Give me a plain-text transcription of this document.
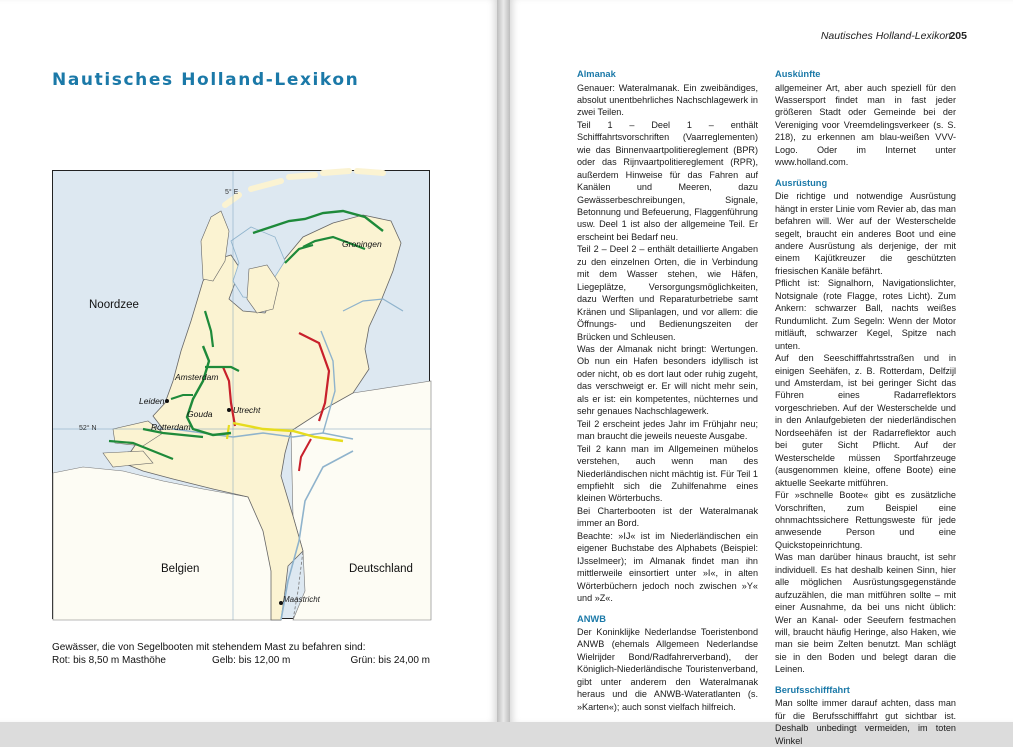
Nautisches Holland-Lexikon
5° E
52° N
Noordzee
Groningen
Amsterdam
Leiden
Gouda Utrecht
Rotterdam
Belgien	Deutschland
Maastricht
Gewässer, die von Segelbooten mit stehendem Mast zu befahren sind:
Rot: bis 8,50 m Masthöhe	Gelb: bis 12,00 m	Grün: bis 24,00 m
Nautisches Holland-Lexikon
205
Almanak
Genauer: Wateralmanak. Ein zweibändiges, absolut unentbehrliches Nachschlagewerk in zwei Teilen.
Teil 1 – Deel 1 – enthält Schifffahrtsvorschriften (Vaarreglementen) wie das Binnenvaartpolitiereglement (BPR) oder das Rijnvaartpolitiereglement (RPR), außerdem Hinweise für das Fahren auf Kanälen und Meeren, dazu Gewässerbeschreibungen, Signale, Betonnung und Befeuerung, Flaggenführung usw. Deel 1 ist also der allgemeine Teil. Er erscheint bei Bedarf neu.
Teil 2 – Deel 2 – enthält detaillierte Angaben zu den einzelnen Orten, die in Verbindung mit dem Wasser stehen, wie Häfen, Liegeplätze, Versorgungsmöglichkeiten, dazu Werften und Reparaturbetriebe samt Kränen und Slipanlagen, und vor allem: die Öffnungs- und Bedienungszeiten der Brücken und Schleusen.
Was der Almanak nicht bringt: Wertungen. Ob nun ein Hafen besonders idyllisch ist oder nicht, ob es dort laut oder ruhig zugeht, das verschweigt er. Er will nicht mehr sein, als er ist: ein kompetentes, nüchternes und sehr genaues Nachschlagewerk.
Teil 2 erscheint jedes Jahr im Frühjahr neu; man braucht die jeweils neueste Ausgabe.
Teil 2 kann man im Allgemeinen mühelos verstehen, auch wenn man des Niederländischen nicht mächtig ist. Für Teil 1 empfiehlt sich die Zuhilfenahme eines kleinen Wörterbuchs.
Bei Charterbooten ist der Wateralmanak immer an Bord.
Beachte: »IJ« ist im Niederländischen ein eigener Buchstabe des Alphabets (Beispiel: IJsselmeer); im Almanak findet man ihn mittlerweile einsortiert unter »I«, in alten Wörterbüchern jedoch noch zwischen »Y« und »Z«.
ANWB
Der Koninklijke Nederlandse Toeristenbond ANWB (ehemals Allgemeen Nederlandse Wielrijder Bond/Radfahrerverband), der Königlich-Niederländische Touristenverband, gibt unter anderem den Wateralmanak heraus und die ANWB-Wateratlanten (s. »Karten«); auch sonst vielfach hilfreich.
Auskünfte
allgemeiner Art, aber auch speziell für den Wassersport findet man in fast jeder größeren Stadt oder Gemeinde bei der Vereniging voor Vreemdelingsverkeer (s. S. 218), zu erkennen am blau-weißen VVV-Logo. Oder im Internet unter www.holland.com.
Ausrüstung
Die richtige und notwendige Ausrüstung hängt in erster Linie vom Revier ab, das man befahren will. Wer auf der Westerschelde segelt, braucht ein anderes Boot und eine andere Ausrüstung als derjenige, der mit einem Kajütkreuzer die geschützten friesischen Kanäle befährt.
Pflicht ist: Signalhorn, Navigationslichter, Notsignale (rote Flagge, rotes Licht). Zum Ankern: schwarzer Ball, nachts weißes Rundumlicht. Zum Segeln: Wenn der Motor mitläuft, schwarzer Kegel, Spitze nach unten.
Auf den Seeschifffahrtsstraßen und in einigen Seehäfen, z. B. Rotterdam, Delfzijl und Amsterdam, ist bei geringer Sicht das Führen eines Radarreflektors vorgeschrieben. Auf der Westerschelde und in den Anlaufgebieten der niederländischen Nordseehäfen ist der Radarreflektor auch bei guter Sicht Pflicht. Auf der Westerschelde müssen Sportfahrzeuge (ausgenommen kleine, offene Boote) eine aktuelle Seekarte mitführen.
Für »schnelle Boote« gibt es zusätzliche Vorschriften, zum Beispiel eine ohnmachtssichere Rettungsweste für jede anwesende Person und eine Quickstopeinrichtung.
Was man darüber hinaus braucht, ist sehr individuell. Es hat deshalb keinen Sinn, hier alle möglichen Ausrüstungsgegenstände aufzuzählen, die man mitführen sollte – mit einer Ausnahme, da bei uns nicht üblich: Wer an Kanal- oder Seeufern festmachen will, braucht häufig Heringe, also Haken, wie man sie beim Zelten benutzt. Man schlägt sie in den Boden und belegt daran die Leinen.
Berufsschifffahrt
Man sollte immer darauf achten, dass man für die Berufsschifffahrt gut sichtbar ist. Deshalb unbedingt vermeiden, im toten Winkel
